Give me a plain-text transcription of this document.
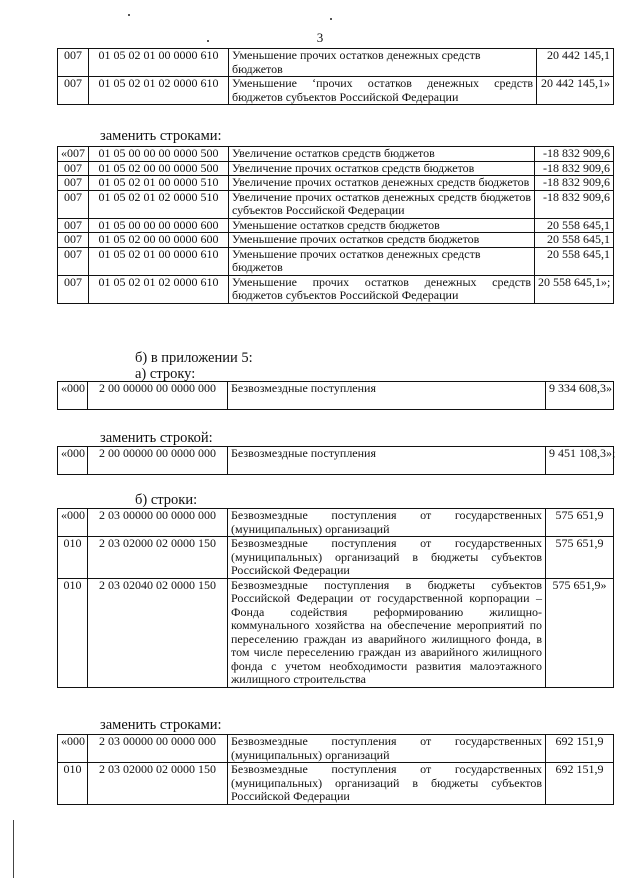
3
007	01 05 02 01 00 0000 610	Уменьшение прочих остатков денежных средств бюджетов	20 442 145,1
007	01 05 02 01 02 0000 610	Уменьшение ‘прочих остатков денежных средств бюджетов субъектов Российской Федерации	20 442 145,1»
заменить строками:
«007	01 05 00 00 00 0000 500	Увеличение остатков средств бюджетов	-18 832 909,6
007	01 05 02 00 00 0000 500	Увеличение прочих остатков средств бюджетов	-18 832 909,6
007	01 05 02 01 00 0000 510	Увеличение прочих остатков денежных средств бюджетов	-18 832 909,6
007	01 05 02 01 02 0000 510	Увеличение прочих остатков денежных средств бюджетов субъектов Российской Федерации	-18 832 909,6
007	01 05 00 00 00 0000 600	Уменьшение остатков средств бюджетов	20 558 645,1
007	01 05 02 00 00 0000 600	Уменьшение прочих остатков средств бюджетов	20 558 645,1
007	01 05 02 01 00 0000 610	Уменьшение прочих остатков денежных средств бюджетов	20 558 645,1
007	01 05 02 01 02 0000 610	Уменьшение прочих остатков денежных средств бюджетов субъектов Российской Федерации	20 558 645,1»;
б) в приложении 5:
а) строку:
«000	2 00 00000 00 0000 000	Безвозмездные поступления	9 334 608,3»
заменить строкой:
«000	2 00 00000 00 0000 000	Безвозмездные поступления	9 451 108,3»;
б) строки:
«000	2 03 00000 00 0000 000	Безвозмездные поступления от государственных (муниципальных) организаций	575 651,9
010	2 03 02000 02 0000 150	Безвозмездные поступления от государственных (муниципальных) организаций в бюджеты субъектов Российской Федерации	575 651,9
010	2 03 02040 02 0000 150	Безвозмездные поступления в бюджеты субъектов Российской Федерации от государственной корпорации – Фонда содействия реформированию жилищно-коммунального хозяйства на обеспечение мероприятий по переселению граждан из аварийного жилищного фонда, в том числе переселению граждан из аварийного жилищного фонда с учетом необходимости развития малоэтажного жилищного строительства	575 651,9»
заменить строками:
«000	2 03 00000 00 0000 000	Безвозмездные поступления от государственных (муниципальных) организаций	692 151,9
010	2 03 02000 02 0000 150	Безвозмездные поступления от государственных (муниципальных) организаций в бюджеты субъектов Российской Федерации	692 151,9
